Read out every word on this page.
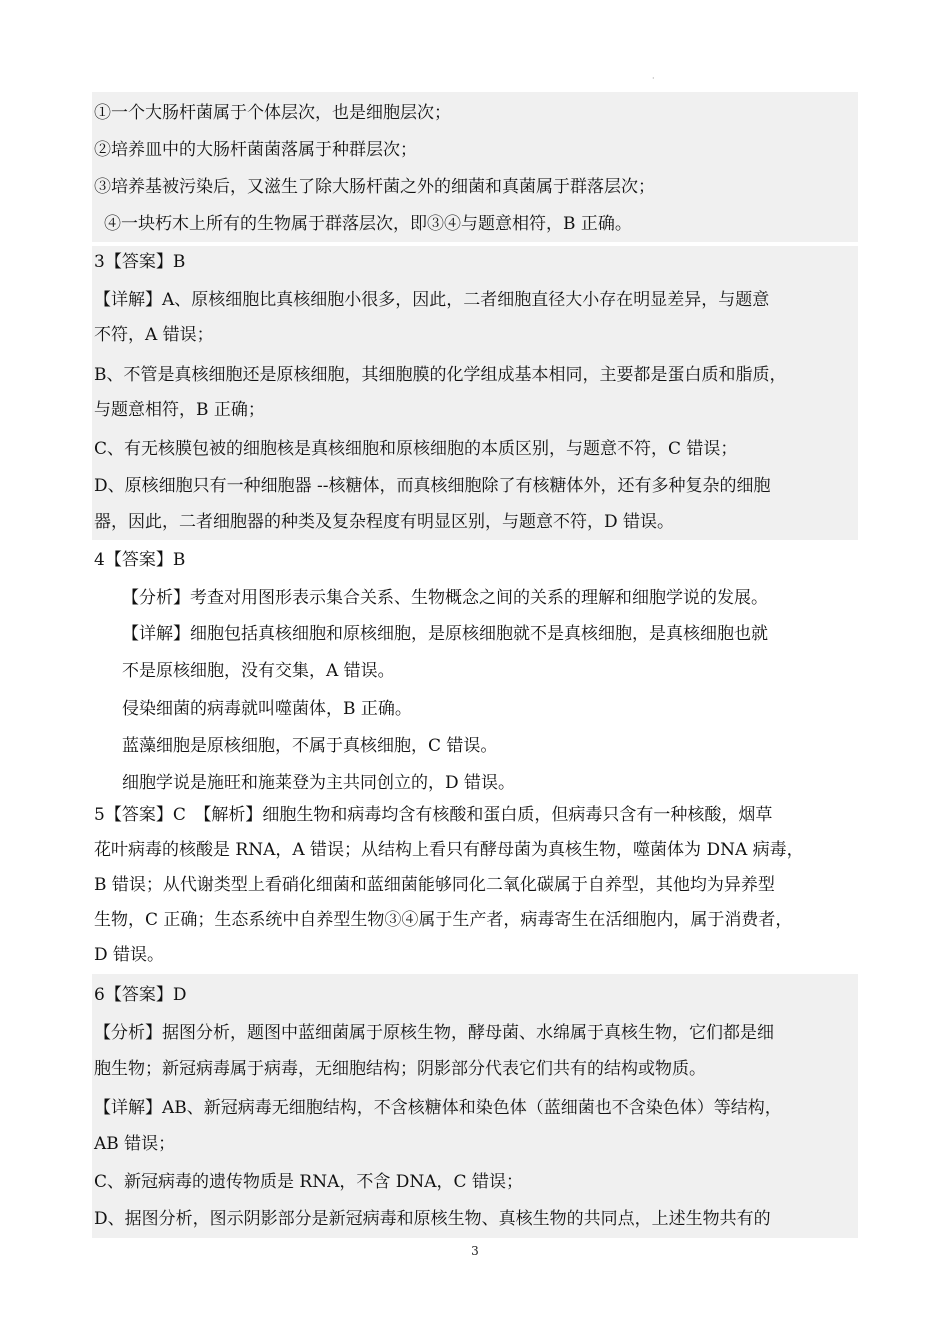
·
①一个大肠杆菌属于个体层次，也是细胞层次；
②培养皿中的大肠杆菌菌落属于种群层次；
③培养基被污染后，又滋生了除大肠杆菌之外的细菌和真菌属于群落层次；
④一块朽木上所有的生物属于群落层次，即③④与题意相符，B 正确。
3【答案】B
【详解】A、原核细胞比真核细胞小很多，因此，二者细胞直径大小存在明显差异，与题意
不符，A 错误；
B、不管是真核细胞还是原核细胞，其细胞膜的化学组成基本相同，主要都是蛋白质和脂质，
与题意相符，B 正确；
C、有无核膜包被的细胞核是真核细胞和原核细胞的本质区别，与题意不符，C 错误；
D、原核细胞只有一种细胞器 --核糖体，而真核细胞除了有核糖体外，还有多种复杂的细胞
器，因此，二者细胞器的种类及复杂程度有明显区别，与题意不符，D 错误。
4【答案】B
【分析】考查对用图形表示集合关系、生物概念之间的关系的理解和细胞学说的发展。
【详解】细胞包括真核细胞和原核细胞，是原核细胞就不是真核细胞，是真核细胞也就
不是原核细胞，没有交集，A 错误。
侵染细菌的病毒就叫噬菌体，B 正确。
蓝藻细胞是原核细胞，不属于真核细胞，C 错误。
细胞学说是施旺和施莱登为主共同创立的，D 错误。
5【答案】C　【解析】细胞生物和病毒均含有核酸和蛋白质，但病毒只含有一种核酸，烟草
花叶病毒的核酸是 RNA，A 错误；从结构上看只有酵母菌为真核生物，噬菌体为 DNA 病毒，
B 错误；从代谢类型上看硝化细菌和蓝细菌能够同化二氧化碳属于自养型，其他均为异养型
生物，C 正确；生态系统中自养型生物③④属于生产者，病毒寄生在活细胞内，属于消费者，
D 错误。
6【答案】D
【分析】据图分析，题图中蓝细菌属于原核生物，酵母菌、水绵属于真核生物，它们都是细
胞生物；新冠病毒属于病毒，无细胞结构；阴影部分代表它们共有的结构或物质。
【详解】AB、新冠病毒无细胞结构，不含核糖体和染色体（蓝细菌也不含染色体）等结构，
AB 错误；
C、新冠病毒的遗传物质是 RNA，不含 DNA，C 错误；
D、据图分析，图示阴影部分是新冠病毒和原核生物、真核生物的共同点，上述生物共有的
3
